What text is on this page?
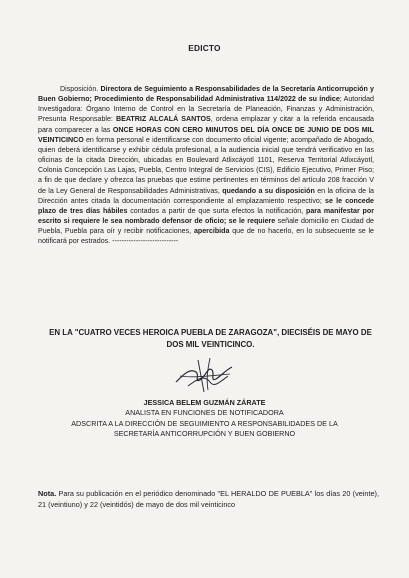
EDICTO

Disposición. Directora de Seguimiento a Responsabilidades de la Secretaría Anticorrupción y Buen Gobierno; Procedimiento de Responsabilidad Administrativa 114/2022 de su índice; Autoridad Investigadora: Órgano Interno de Control en la Secretaría de Planeación, Finanzas y Administración, Presunta Responsable: BEATRIZ ALCALÁ SANTOS, ordena emplazar y citar a la referida encausada para comparecer a las ONCE HORAS CON CERO MINUTOS DEL DÍA ONCE DE JUNIO DE DOS MIL VEINTICINCO en forma personal e identificarse con documento oficial vigente; acompañado de Abogado, quien deberá identificarse y exhibir cédula profesional, a la audiencia inicial que tendrá verificativo en las oficinas de la citada Dirección, ubicadas en Boulevard Atlixcáyotl 1101, Reserva Territorial Atlixcáyotl, Colonia Concepción Las Lajas, Puebla, Centro Integral de Servicios (CIS), Edificio Ejecutivo, Primer Piso; a fin de que declare y ofrezca las pruebas que estime pertinentes en términos del artículo 208 fracción V de la Ley General de Responsabilidades Administrativas, quedando a su disposición en la oficina de la Dirección antes citada la documentación correspondiente al emplazamiento respectivo; se le concede plazo de tres días hábiles contados a partir de que surta efectos la notificación, para manifestar por escrito si requiere le sea nombrado defensor de oficio; se le requiere señale domicilio en Ciudad de Puebla, Puebla para oír y recibir notificaciones, apercibida que de no hacerlo, en lo subsecuente se le notificará por estrados. ----------------------------

EN LA "CUATRO VECES HEROICA PUEBLA DE ZARAGOZA", DIECISÉIS DE MAYO DE DOS MIL VEINTICINCO.
JESSICA BELEM GUZMÁN ZÁRATE
ANALISTA EN FUNCIONES DE NOTIFICADORA
ADSCRITA A LA DIRECCIÓN DE SEGUIMIENTO A RESPONSABILIDADES DE LA
SECRETARÍA ANTICORRUPCIÓN Y BUEN GOBIERNO
Nota. Para su publicación en el periódico denominado "EL HERALDO DE PUEBLA" los días 20 (veinte), 21 (veintiuno) y 22 (veintidós) de mayo de dos mil veinticinco
